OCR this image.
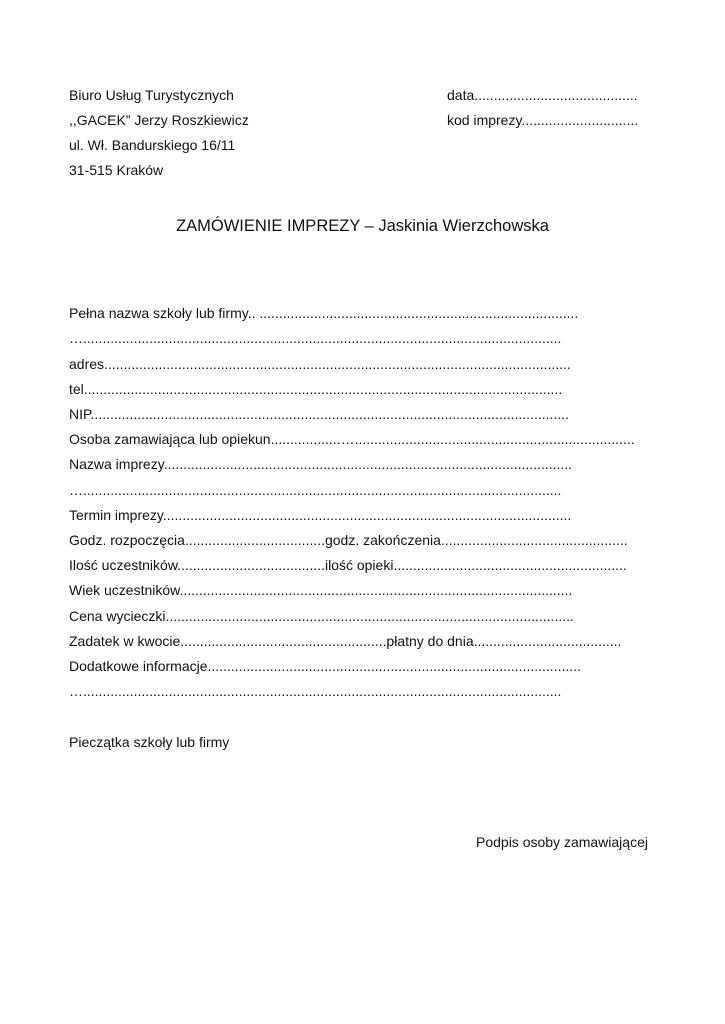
Biuro Usług Turystycznych

,,GACEK” Jerzy Roszkiewicz

ul. Wł. Bandurskiego 16/11

31-515 Kraków

data..........................................

kod imprezy..............................

ZAMÓWIENIE IMPREZY – Jaskinia Wierzchowska

Pełna nazwa szkoły lub firmy.. ..................................................................................

…...........................................................................................................................

adres........................................................................................................................

tel...........................................................................................................................

NIP...........................................................................................................................

Osoba zamawiająca lub opiekun..................…........................................................................

Nazwa imprezy.........................................................................................................

…...........................................................................................................................

Termin imprezy.........................................................................................................

Godz. rozpoczęcia....................................godz. zakończenia................................................

Ilość uczestników......................................ilość opieki............................................................

Wiek uczestników.....................................................................................................

Cena wycieczki.........................................................................................................

Zadatek w kwocie.....................................................płatny do dnia......................................

Dodatkowe informacje................................................................................................

…...........................................................................................................................

Pieczątka szkoły lub firmy

Podpis osoby zamawiającej
